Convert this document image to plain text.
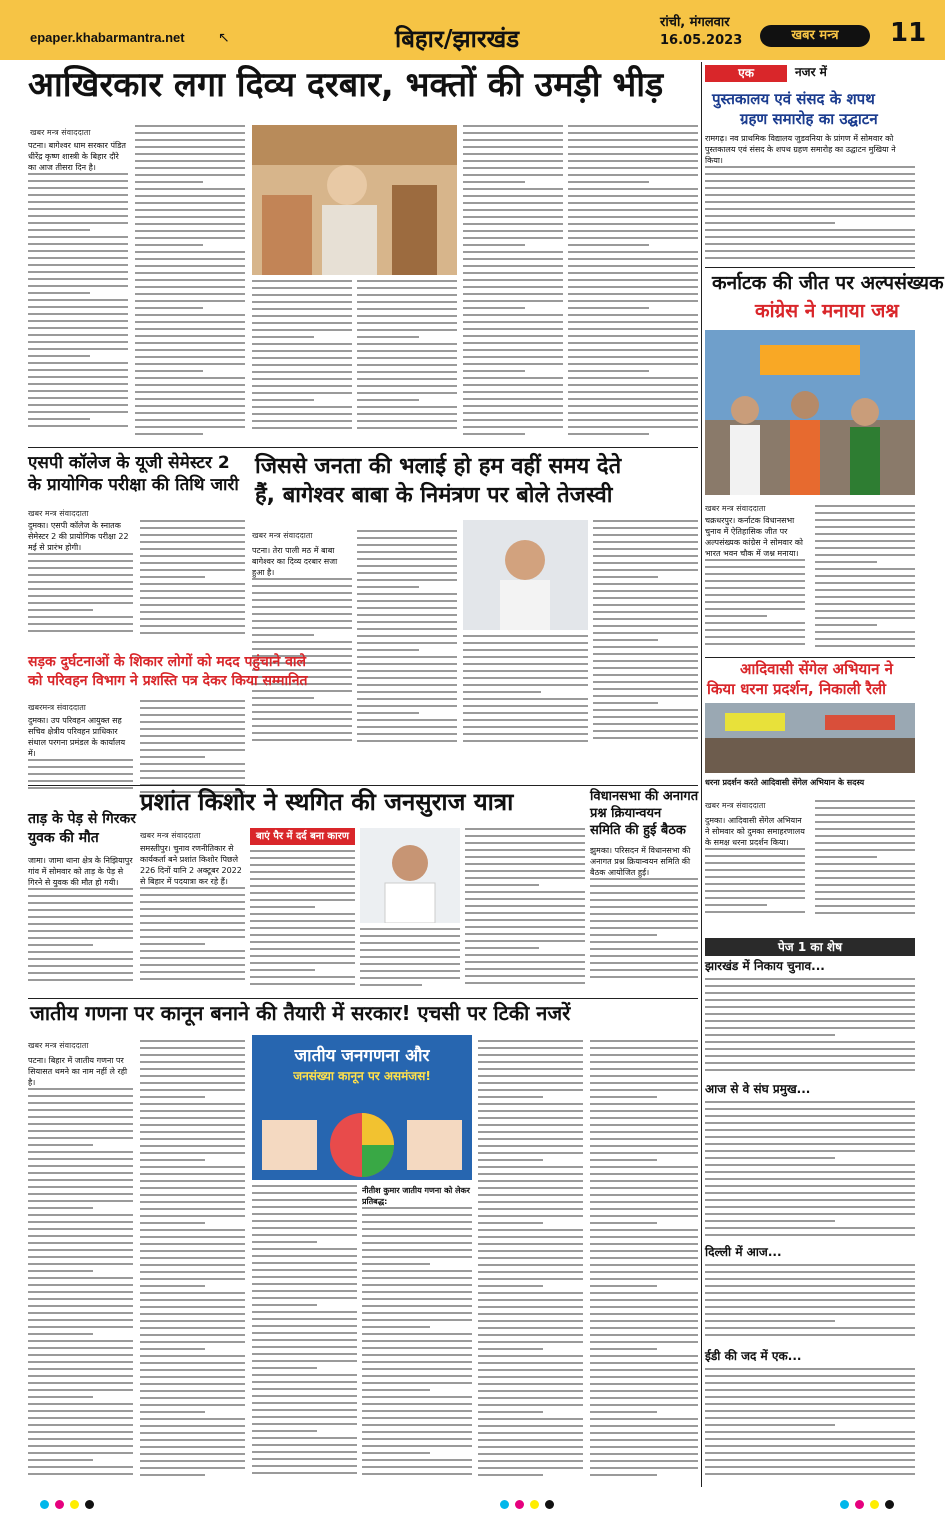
epaper.khabarmantra.net ↖	बिहार/झारखंड
रांची, मंगलवार
16.05.2023	खबर मन्त्र	11
आखिरकार लगा दिव्य दरबार, भक्तों की उमड़ी भीड़
खबर मन्त्र संवाददाता
पटना। बागेश्वर धाम सरकार पंडित धीरेंद्र कृष्ण शास्त्री के बिहार दौरे का आज तीसरा दिन है।
एक	नजर में
पुस्तकालय एवं संसद के शपथ
ग्रहण समारोह का उद्घाटन
रामगढ़। नव प्राथमिक विद्यालय जुडवनिया के प्रांगण में सोमवार को पुस्तकालय एवं संसद के शपथ ग्रहण समारोह का उद्घाटन मुखिया ने किया।
कर्नाटक की जीत पर अल्पसंख्यक
कांग्रेस ने मनाया जश्न
खबर मन्त्र संवाददाता
चक्रधरपुर। कर्नाटक विधानसभा चुनाव में ऐतिहासिक जीत पर अल्पसंख्यक कांग्रेस ने सोमवार को भारत भवन चौक में जश्न मनाया।
एसपी कॉलेज के यूजी सेमेस्टर 2
के प्रायोगिक परीक्षा की तिथि जारी
खबर मन्त्र संवाददाता
दुमका। एसपी कॉलेज के स्नातक सेमेस्टर 2 की प्रायोगिक परीक्षा 22 मई से प्रारंभ होगी।
जिससे जनता की भलाई हो हम वहीं समय देते
हैं, बागेश्वर बाबा के निमंत्रण पर बोले तेजस्वी
खबर मन्त्र संवाददाता
पटना। तेरा पाली मठ में बाबा बागेश्वर का दिव्य दरबार सजा हुआ है।
सड़क दुर्घटनाओं के शिकार लोगों को मदद पहुंचाने वाले
को परिवहन विभाग ने प्रशस्ति पत्र देकर किया सम्मानित
खबरमन्त्र संवाददाता
दुमका। उप परिवहन आयुक्त सह सचिव क्षेत्रीय परिवहन प्राधिकार संथाल परगना प्रमंडल के कार्यालय में।
आदिवासी सेंगेल अभियान ने
किया धरना प्रदर्शन, निकाली रैली
धरना प्रदर्शन करते आदिवासी सेंगेल अभियान के सदस्य
खबर मन्त्र संवाददाता
दुमका। आदिवासी सेंगेल अभियान ने सोमवार को दुमका समाहरणालय के समक्ष धरना प्रदर्शन किया।
ताड़ के पेड़ से गिरकर
युवक की मौत
जामा। जामा थाना क्षेत्र के निझियापुर गांव में सोमवार को ताड़ के पेड़ से गिरने से युवक की मौत हो गयी।
प्रशांत किशोर ने स्थगित की जनसुराज यात्रा
खबर मन्त्र संवाददाता
समस्तीपुर। चुनाव रणनीतिकार से कार्यकर्ता बने प्रशांत किशोर पिछले 226 दिनों यानि 2 अक्टूबर 2022 से बिहार में पदयात्रा कर रहे हैं।
बाएं पैर में दर्द बना कारण
विधानसभा की अनागत
प्रश्न क्रियान्वयन
समिति की हुई बैठक
झुमका। परिसदन में विधानसभा की अनागत प्रश्न क्रियान्वयन समिति की बैठक आयोजित हुई।
पेज 1 का शेष
झारखंड में निकाय चुनाव...
आज से वे संघ प्रमुख...
दिल्ली में आज...
ईडी की जद में एक...
जातीय गणना पर कानून बनाने की तैयारी में सरकार! एचसी पर टिकी नजरें
खबर मन्त्र संवाददाता
पटना। बिहार में जातीय गणना पर सियासत थमने का नाम नहीं ले रही है।
जातीय जनगणना और
जनसंख्या कानून पर असमंजस!
नीतीश कुमार जातीय गणना को लेकर प्रतिबद्ध:
